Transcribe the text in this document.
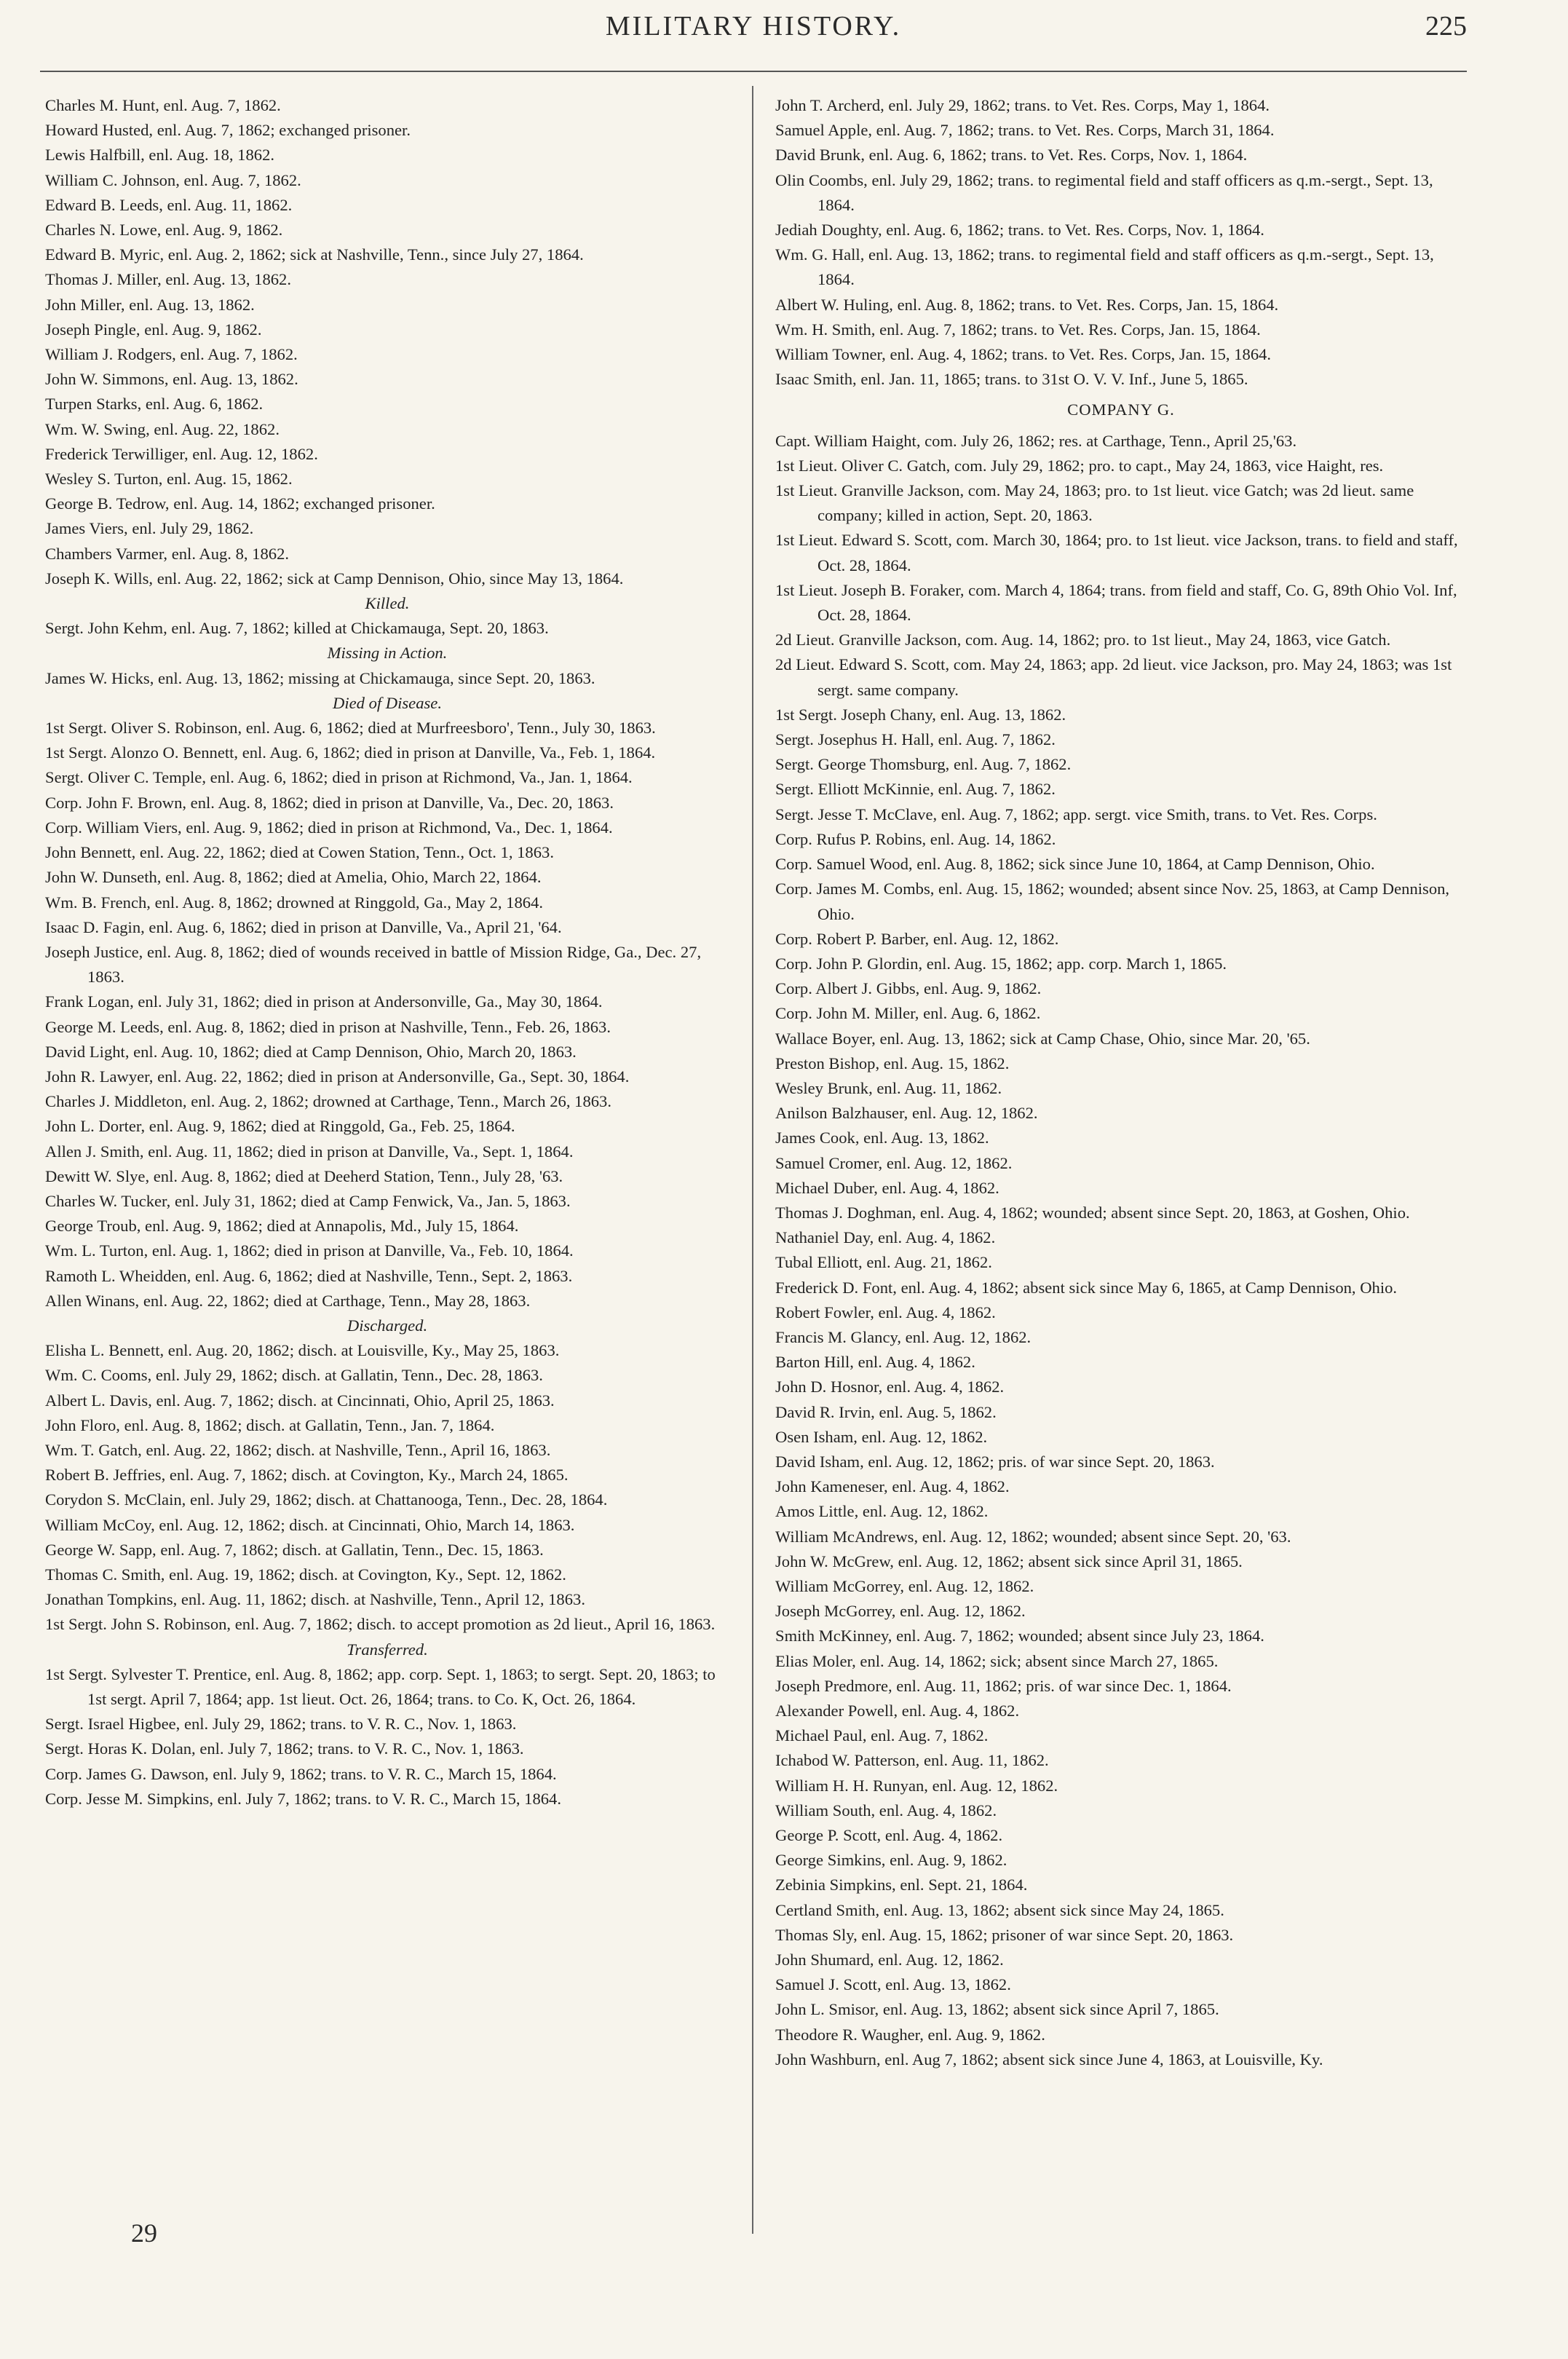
MILITARY HISTORY.	225
Charles M. Hunt, enl. Aug. 7, 1862.
Howard Husted, enl. Aug. 7, 1862; exchanged prisoner.
Lewis Halfbill, enl. Aug. 18, 1862.
William C. Johnson, enl. Aug. 7, 1862.
Edward B. Leeds, enl. Aug. 11, 1862.
Charles N. Lowe, enl. Aug. 9, 1862.
Edward B. Myric, enl. Aug. 2, 1862; sick at Nashville, Tenn., since July 27, 1864.
Thomas J. Miller, enl. Aug. 13, 1862.
John Miller, enl. Aug. 13, 1862.
Joseph Pingle, enl. Aug. 9, 1862.
William J. Rodgers, enl. Aug. 7, 1862.
John W. Simmons, enl. Aug. 13, 1862.
Turpen Starks, enl. Aug. 6, 1862.
Wm. W. Swing, enl. Aug. 22, 1862.
Frederick Terwilliger, enl. Aug. 12, 1862.
Wesley S. Turton, enl. Aug. 15, 1862.
George B. Tedrow, enl. Aug. 14, 1862; exchanged prisoner.
James Viers, enl. July 29, 1862.
Chambers Varmer, enl. Aug. 8, 1862.
Joseph K. Wills, enl. Aug. 22, 1862; sick at Camp Dennison, Ohio, since May 13, 1864.
Killed.
Sergt. John Kehm, enl. Aug. 7, 1862; killed at Chickamauga, Sept. 20, 1863.
Missing in Action.
James W. Hicks, enl. Aug. 13, 1862; missing at Chickamauga, since Sept. 20, 1863.
Died of Disease.
1st Sergt. Oliver S. Robinson, enl. Aug. 6, 1862; died at Murfreesboro', Tenn., July 30, 1863.
1st Sergt. Alonzo O. Bennett, enl. Aug. 6, 1862; died in prison at Danville, Va., Feb. 1, 1864.
Sergt. Oliver C. Temple, enl. Aug. 6, 1862; died in prison at Richmond, Va., Jan. 1, 1864.
Corp. John F. Brown, enl. Aug. 8, 1862; died in prison at Danville, Va., Dec. 20, 1863.
Corp. William Viers, enl. Aug. 9, 1862; died in prison at Richmond, Va., Dec. 1, 1864.
John Bennett, enl. Aug. 22, 1862; died at Cowen Station, Tenn., Oct. 1, 1863.
John W. Dunseth, enl. Aug. 8, 1862; died at Amelia, Ohio, March 22, 1864.
Wm. B. French, enl. Aug. 8, 1862; drowned at Ringgold, Ga., May 2, 1864.
Isaac D. Fagin, enl. Aug. 6, 1862; died in prison at Danville, Va., April 21, '64.
Joseph Justice, enl. Aug. 8, 1862; died of wounds received in battle of Mission Ridge, Ga., Dec. 27, 1863.
Frank Logan, enl. July 31, 1862; died in prison at Andersonville, Ga., May 30, 1864.
George M. Leeds, enl. Aug. 8, 1862; died in prison at Nashville, Tenn., Feb. 26, 1863.
David Light, enl. Aug. 10, 1862; died at Camp Dennison, Ohio, March 20, 1863.
John R. Lawyer, enl. Aug. 22, 1862; died in prison at Andersonville, Ga., Sept. 30, 1864.
Charles J. Middleton, enl. Aug. 2, 1862; drowned at Carthage, Tenn., March 26, 1863.
John L. Dorter, enl. Aug. 9, 1862; died at Ringgold, Ga., Feb. 25, 1864.
Allen J. Smith, enl. Aug. 11, 1862; died in prison at Danville, Va., Sept. 1, 1864.
Dewitt W. Slye, enl. Aug. 8, 1862; died at Deeherd Station, Tenn., July 28, '63.
Charles W. Tucker, enl. July 31, 1862; died at Camp Fenwick, Va., Jan. 5, 1863.
George Troub, enl. Aug. 9, 1862; died at Annapolis, Md., July 15, 1864.
Wm. L. Turton, enl. Aug. 1, 1862; died in prison at Danville, Va., Feb. 10, 1864.
Ramoth L. Wheidden, enl. Aug. 6, 1862; died at Nashville, Tenn., Sept. 2, 1863.
Allen Winans, enl. Aug. 22, 1862; died at Carthage, Tenn., May 28, 1863.
Discharged.
Elisha L. Bennett, enl. Aug. 20, 1862; disch. at Louisville, Ky., May 25, 1863.
Wm. C. Cooms, enl. July 29, 1862; disch. at Gallatin, Tenn., Dec. 28, 1863.
Albert L. Davis, enl. Aug. 7, 1862; disch. at Cincinnati, Ohio, April 25, 1863.
John Floro, enl. Aug. 8, 1862; disch. at Gallatin, Tenn., Jan. 7, 1864.
Wm. T. Gatch, enl. Aug. 22, 1862; disch. at Nashville, Tenn., April 16, 1863.
Robert B. Jeffries, enl. Aug. 7, 1862; disch. at Covington, Ky., March 24, 1865.
Corydon S. McClain, enl. July 29, 1862; disch. at Chattanooga, Tenn., Dec. 28, 1864.
William McCoy, enl. Aug. 12, 1862; disch. at Cincinnati, Ohio, March 14, 1863.
George W. Sapp, enl. Aug. 7, 1862; disch. at Gallatin, Tenn., Dec. 15, 1863.
Thomas C. Smith, enl. Aug. 19, 1862; disch. at Covington, Ky., Sept. 12, 1862.
Jonathan Tompkins, enl. Aug. 11, 1862; disch. at Nashville, Tenn., April 12, 1863.
1st Sergt. John S. Robinson, enl. Aug. 7, 1862; disch. to accept promotion as 2d lieut., April 16, 1863.
Transferred.
1st Sergt. Sylvester T. Prentice, enl. Aug. 8, 1862; app. corp. Sept. 1, 1863; to sergt. Sept. 20, 1863; to 1st sergt. April 7, 1864; app. 1st lieut. Oct. 26, 1864; trans. to Co. K, Oct. 26, 1864.
Sergt. Israel Higbee, enl. July 29, 1862; trans. to V. R. C., Nov. 1, 1863.
Sergt. Horas K. Dolan, enl. July 7, 1862; trans. to V. R. C., Nov. 1, 1863.
Corp. James G. Dawson, enl. July 9, 1862; trans. to V. R. C., March 15, 1864.
Corp. Jesse M. Simpkins, enl. July 7, 1862; trans. to V. R. C., March 15, 1864.
John T. Archerd, enl. July 29, 1862; trans. to Vet. Res. Corps, May 1, 1864.
Samuel Apple, enl. Aug. 7, 1862; trans. to Vet. Res. Corps, March 31, 1864.
David Brunk, enl. Aug. 6, 1862; trans. to Vet. Res. Corps, Nov. 1, 1864.
Olin Coombs, enl. July 29, 1862; trans. to regimental field and staff officers as q.m.-sergt., Sept. 13, 1864.
Jediah Doughty, enl. Aug. 6, 1862; trans. to Vet. Res. Corps, Nov. 1, 1864.
Wm. G. Hall, enl. Aug. 13, 1862; trans. to regimental field and staff officers as q.m.-sergt., Sept. 13, 1864.
Albert W. Huling, enl. Aug. 8, 1862; trans. to Vet. Res. Corps, Jan. 15, 1864.
Wm. H. Smith, enl. Aug. 7, 1862; trans. to Vet. Res. Corps, Jan. 15, 1864.
William Towner, enl. Aug. 4, 1862; trans. to Vet. Res. Corps, Jan. 15, 1864.
Isaac Smith, enl. Jan. 11, 1865; trans. to 31st O. V. V. Inf., June 5, 1865.
COMPANY G.
Capt. William Haight, com. July 26, 1862; res. at Carthage, Tenn., April 25,'63.
1st Lieut. Oliver C. Gatch, com. July 29, 1862; pro. to capt., May 24, 1863, vice Haight, res.
1st Lieut. Granville Jackson, com. May 24, 1863; pro. to 1st lieut. vice Gatch; was 2d lieut. same company; killed in action, Sept. 20, 1863.
1st Lieut. Edward S. Scott, com. March 30, 1864; pro. to 1st lieut. vice Jackson, trans. to field and staff, Oct. 28, 1864.
1st Lieut. Joseph B. Foraker, com. March 4, 1864; trans. from field and staff, Co. G, 89th Ohio Vol. Inf, Oct. 28, 1864.
2d Lieut. Granville Jackson, com. Aug. 14, 1862; pro. to 1st lieut., May 24, 1863, vice Gatch.
2d Lieut. Edward S. Scott, com. May 24, 1863; app. 2d lieut. vice Jackson, pro. May 24, 1863; was 1st sergt. same company.
1st Sergt. Joseph Chany, enl. Aug. 13, 1862.
Sergt. Josephus H. Hall, enl. Aug. 7, 1862.
Sergt. George Thomsburg, enl. Aug. 7, 1862.
Sergt. Elliott McKinnie, enl. Aug. 7, 1862.
Sergt. Jesse T. McClave, enl. Aug. 7, 1862; app. sergt. vice Smith, trans. to Vet. Res. Corps.
Corp. Rufus P. Robins, enl. Aug. 14, 1862.
Corp. Samuel Wood, enl. Aug. 8, 1862; sick since June 10, 1864, at Camp Dennison, Ohio.
Corp. James M. Combs, enl. Aug. 15, 1862; wounded; absent since Nov. 25, 1863, at Camp Dennison, Ohio.
Corp. Robert P. Barber, enl. Aug. 12, 1862.
Corp. John P. Glordin, enl. Aug. 15, 1862; app. corp. March 1, 1865.
Corp. Albert J. Gibbs, enl. Aug. 9, 1862.
Corp. John M. Miller, enl. Aug. 6, 1862.
Wallace Boyer, enl. Aug. 13, 1862; sick at Camp Chase, Ohio, since Mar. 20, '65.
Preston Bishop, enl. Aug. 15, 1862.
Wesley Brunk, enl. Aug. 11, 1862.
Anilson Balzhauser, enl. Aug. 12, 1862.
James Cook, enl. Aug. 13, 1862.
Samuel Cromer, enl. Aug. 12, 1862.
Michael Duber, enl. Aug. 4, 1862.
Thomas J. Doghman, enl. Aug. 4, 1862; wounded; absent since Sept. 20, 1863, at Goshen, Ohio.
Nathaniel Day, enl. Aug. 4, 1862.
Tubal Elliott, enl. Aug. 21, 1862.
Frederick D. Font, enl. Aug. 4, 1862; absent sick since May 6, 1865, at Camp Dennison, Ohio.
Robert Fowler, enl. Aug. 4, 1862.
Francis M. Glancy, enl. Aug. 12, 1862.
Barton Hill, enl. Aug. 4, 1862.
John D. Hosnor, enl. Aug. 4, 1862.
David R. Irvin, enl. Aug. 5, 1862.
Osen Isham, enl. Aug. 12, 1862.
David Isham, enl. Aug. 12, 1862; pris. of war since Sept. 20, 1863.
John Kameneser, enl. Aug. 4, 1862.
Amos Little, enl. Aug. 12, 1862.
William McAndrews, enl. Aug. 12, 1862; wounded; absent since Sept. 20, '63.
John W. McGrew, enl. Aug. 12, 1862; absent sick since April 31, 1865.
William McGorrey, enl. Aug. 12, 1862.
Joseph McGorrey, enl. Aug. 12, 1862.
Smith McKinney, enl. Aug. 7, 1862; wounded; absent since July 23, 1864.
Elias Moler, enl. Aug. 14, 1862; sick; absent since March 27, 1865.
Joseph Predmore, enl. Aug. 11, 1862; pris. of war since Dec. 1, 1864.
Alexander Powell, enl. Aug. 4, 1862.
Michael Paul, enl. Aug. 7, 1862.
Ichabod W. Patterson, enl. Aug. 11, 1862.
William H. H. Runyan, enl. Aug. 12, 1862.
William South, enl. Aug. 4, 1862.
George P. Scott, enl. Aug. 4, 1862.
George Simkins, enl. Aug. 9, 1862.
Zebinia Simpkins, enl. Sept. 21, 1864.
Certland Smith, enl. Aug. 13, 1862; absent sick since May 24, 1865.
Thomas Sly, enl. Aug. 15, 1862; prisoner of war since Sept. 20, 1863.
John Shumard, enl. Aug. 12, 1862.
Samuel J. Scott, enl. Aug. 13, 1862.
John L. Smisor, enl. Aug. 13, 1862; absent sick since April 7, 1865.
Theodore R. Waugher, enl. Aug. 9, 1862.
John Washburn, enl. Aug 7, 1862; absent sick since June 4, 1863, at Louisville, Ky.
29
